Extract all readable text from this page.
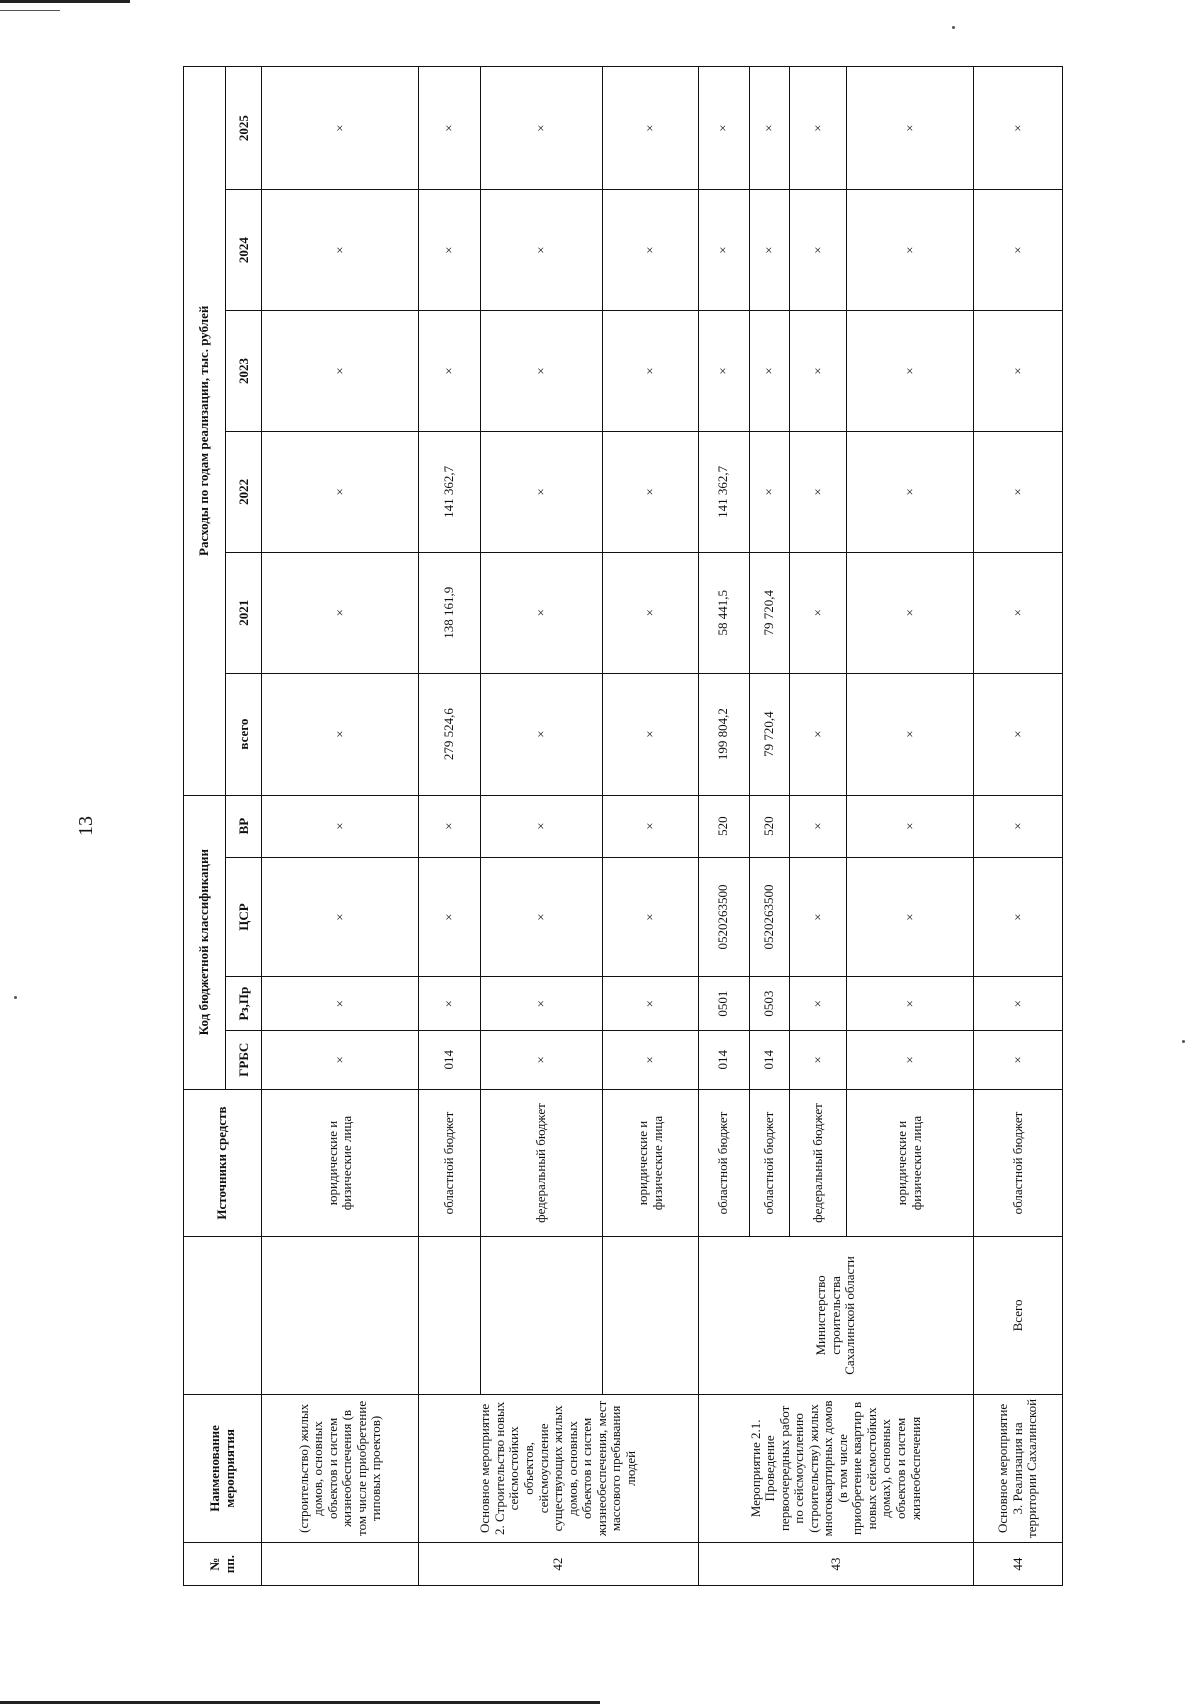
13
№ пп.	Наименование мероприятия		Источники средств	Код бюджетной классификации				Расходы по годам реализации, тыс. рублей					
				ГРБС	Рз,Пр	ЦСР	ВР	всего	2021	2022	2023	2024	2025
	(строительство) жилых домов, основных объектов и систем жизнеобеспечения (в том числе приобретение типовых проектов)		юридические и физические лица	×	×	×	×	×	×	×	×	×	×
42	Основное мероприятие 2. Строительство новых сейсмостойких объектов, сейсмоусиление существующих жилых домов, основных объектов и систем жизнеобеспечения, мест массового пребывания людей		областной бюджет	014	×	×	×	279 524,6	138 161,9	141 362,7	×	×	×
			федеральный бюджет	×	×	×	×	×	×	×	×	×	×
			юридические и физические лица	×	×	×	×	×	×	×	×	×	×
43	Мероприятие 2.1. Проведение первоочередных работ по сейсмоусилению (строительству) жилых многоквартирных домов (в том числе приобретение квартир в новых сейсмостойких домах), основных объектов и систем жизнеобеспечения	Министерство строительства Сахалинской области	областной бюджет	014	0501	0520263500	520	199 804,2	58 441,5	141 362,7	×	×	×
			областной бюджет	014	0503	0520263500	520	79 720,4	79 720,4	×	×	×	×
			федеральный бюджет	×	×	×	×	×	×	×	×	×	×
			юридические и физические лица	×	×	×	×	×	×	×	×	×	×
44	Основное мероприятие 3. Реализация на территории Сахалинской	Всего	областной бюджет	×	×	×	×	×	×	×	×	×	×
